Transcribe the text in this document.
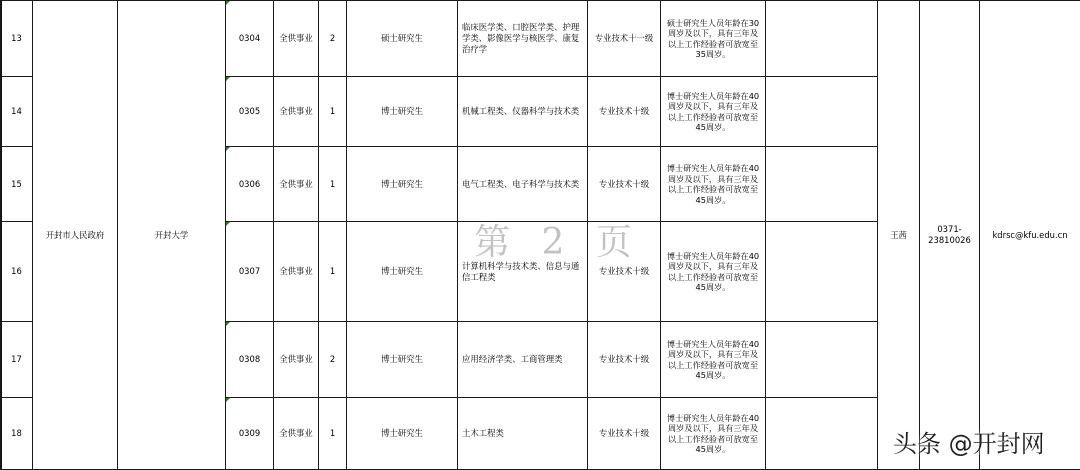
13	开封市人民政府	开封大学	0304	全供事业	2	硕士研究生	临床医学类、口腔医学类、护理学类、影像医学与核医学、康复治疗学	专业技术十一级	硕士研究生人员年龄在30周岁及以下，具有三年及以上工作经验者可放宽至35周岁。		王茜	0371-23810026	kdrsc@kfu.edu.cn
14			0305	全供事业	1	博士研究生	机械工程类、仪器科学与技术类	专业技术十级	博士研究生人员年龄在40周岁及以下，具有三年及以上工作经验者可放宽至45周岁。				
15			0306	全供事业	1	博士研究生	电气工程类、电子科学与技术类	专业技术十级	博士研究生人员年龄在40周岁及以下，具有三年及以上工作经验者可放宽至45周岁。				
16			0307	全供事业	1	博士研究生	计算机科学与技术类、信息与通信工程类	专业技术十级	博士研究生人员年龄在40周岁及以下，具有三年及以上工作经验者可放宽至45周岁。				
17			0308	全供事业	2	博士研究生	应用经济学类、工商管理类	专业技术十级	博士研究生人员年龄在40周岁及以下，具有三年及以上工作经验者可放宽至45周岁。				
18			0309	全供事业	1	博士研究生	土木工程类	专业技术十级	博士研究生人员年龄在40周岁及以下，具有三年及以上工作经验者可放宽至45周岁。				
第 2 页
头条 @开封网
